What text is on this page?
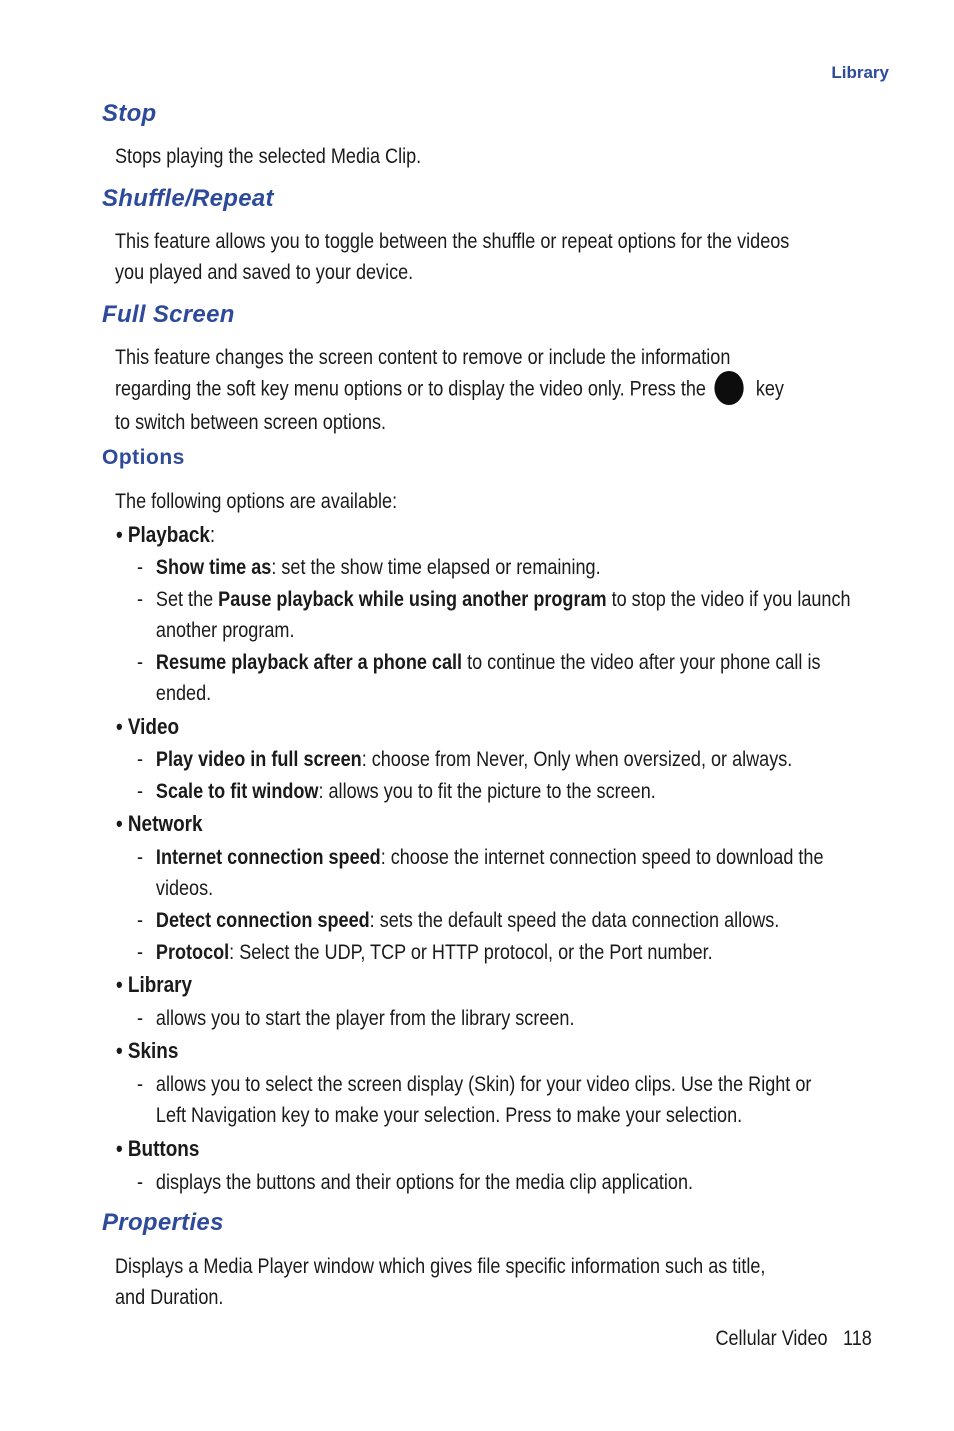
Library
Stop
Stops playing the selected Media Clip.
Shuffle/Repeat
This feature allows you to toggle between the shuffle or repeat options for the videos
you played and saved to your device.
Full Screen
This feature changes the screen content to remove or include the information
regarding the soft key menu options or to display the video only. Press the key
to switch between screen options.
Options
The following options are available:
• Playback:
- Show time as: set the show time elapsed or remaining.
- Set the Pause playback while using another program to stop the video if you launch
another program.
- Resume playback after a phone call to continue the video after your phone call is
ended.
• Video
- Play video in full screen: choose from Never, Only when oversized, or always.
- Scale to fit window: allows you to fit the picture to the screen.
• Network
- Internet connection speed: choose the internet connection speed to download the
videos.
- Detect connection speed: sets the default speed the data connection allows.
- Protocol: Select the UDP, TCP or HTTP protocol, or the Port number.
• Library
- allows you to start the player from the library screen.
• Skins
- allows you to select the screen display (Skin) for your video clips. Use the Right or
Left Navigation key to make your selection. Press to make your selection.
• Buttons
- displays the buttons and their options for the media clip application.
Properties
Displays a Media Player window which gives file specific information such as title,
and Duration.
Cellular Video 118
